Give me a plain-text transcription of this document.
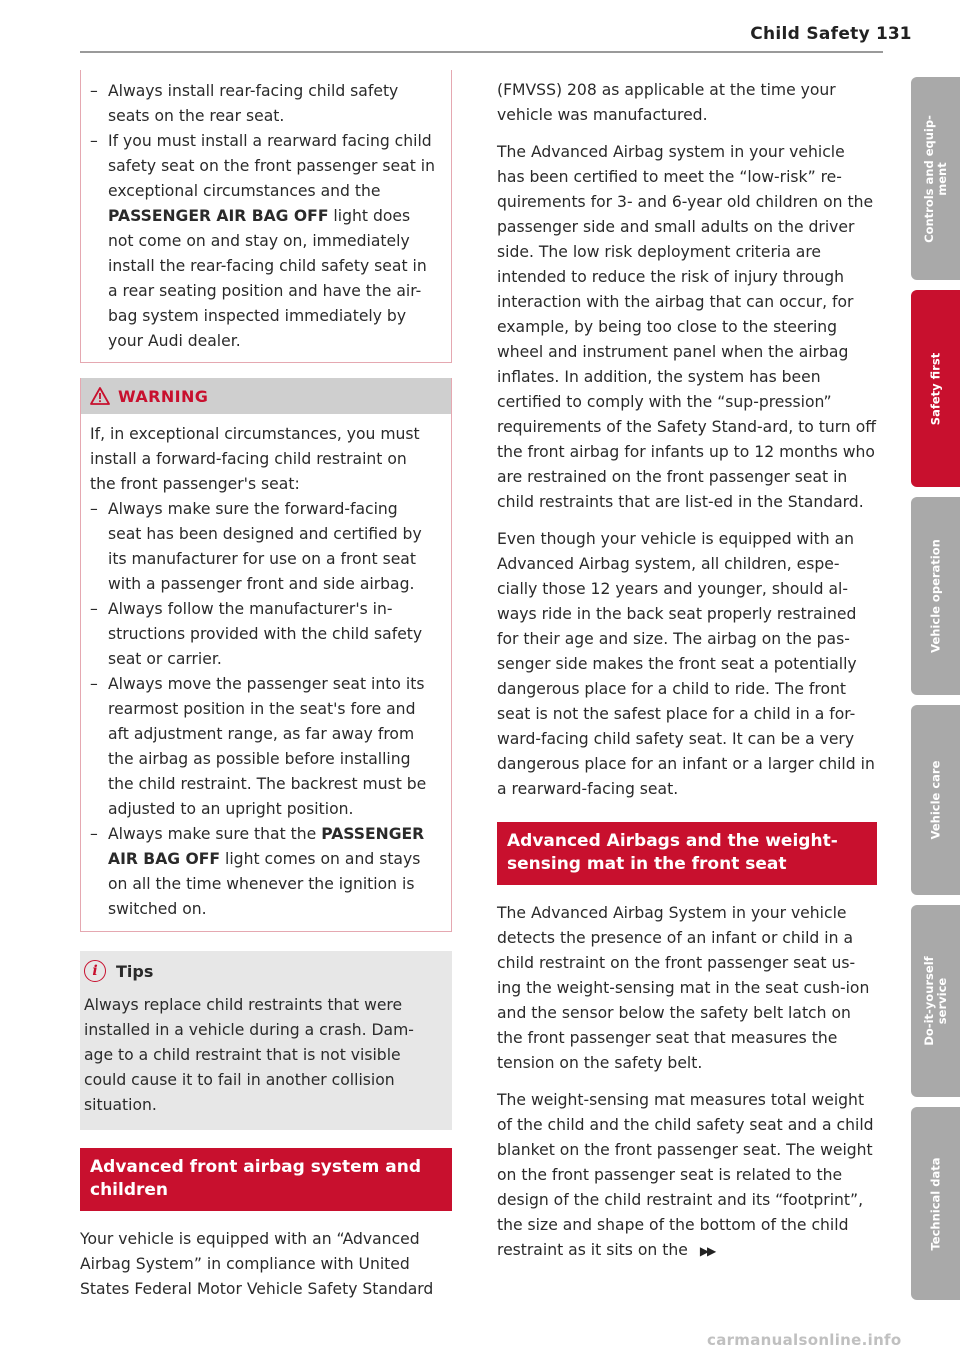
Child Safety 131
– Always install rear-facing child safety seats on the rear seat.
– If you must install a rearward facing child safety seat on the front passenger seat in exceptional circumstances and the PASSENGER AIR BAG OFF light does not come on and stay on, immediately install the rear-facing child safety seat in a rear seating position and have the air-bag system inspected immediately by your Audi dealer.
WARNING

If, in exceptional circumstances, you must install a forward-facing child restraint on the front passenger's seat:

– Always make sure the forward-facing seat has been designed and certified by its manufacturer for use on a front seat with a passenger front and side airbag.
– Always follow the manufacturer's in-structions provided with the child safety seat or carrier.
– Always move the passenger seat into its rearmost position in the seat's fore and aft adjustment range, as far away from the airbag as possible before installing the child restraint. The backrest must be adjusted to an upright position.
– Always make sure that the PASSENGER AIR BAG OFF light comes on and stays on all the time whenever the ignition is switched on.
i	Tips
Always replace child restraints that were installed in a vehicle during a crash. Dam-age to a child restraint that is not visible could cause it to fail in another collision situation.
Advanced front airbag system and children

Your vehicle is equipped with an “Advanced Airbag System” in compliance with United States Federal Motor Vehicle Safety Standard

(FMVSS) 208 as applicable at the time your vehicle was manufactured.

The Advanced Airbag system in your vehicle has been certified to meet the “low-risk” re-quirements for 3- and 6-year old children on the passenger side and small adults on the driver side. The low risk deployment criteria are intended to reduce the risk of injury through interaction with the airbag that can occur, for example, by being too close to the steering wheel and instrument panel when the airbag inflates. In addition, the system has been certified to comply with the “sup-pression” requirements of the Safety Stand-ard, to turn off the front airbag for infants up to 12 months who are restrained on the front passenger seat in child restraints that are list-ed in the Standard.

Even though your vehicle is equipped with an Advanced Airbag system, all children, espe-cially those 12 years and younger, should al-ways ride in the back seat properly restrained for their age and size. The airbag on the pas-senger side makes the front seat a potentially dangerous place for a child to ride. The front seat is not the safest place for a child in a for-ward-facing child safety seat. It can be a very dangerous place for an infant or a larger child in a rearward-facing seat.

Advanced Airbags and the weight-sensing mat in the front seat

The Advanced Airbag System in your vehicle detects the presence of an infant or child in a child restraint on the front passenger seat us-ing the weight-sensing mat in the seat cush-ion and the sensor below the safety belt latch on the front passenger seat that measures the tension on the safety belt.

The weight-sensing mat measures total weight of the child and the child safety seat and a child blanket on the front passenger seat. The weight on the front passenger seat is related to the design of the child restraint and its “footprint”, the size and shape of the bottom of the child restraint as it sits on the ▶▶

Controls and equip-
ment
Safety first
Vehicle operation
Vehicle care
Do-it-yourself
service
Technical data
carmanualsonline.info
